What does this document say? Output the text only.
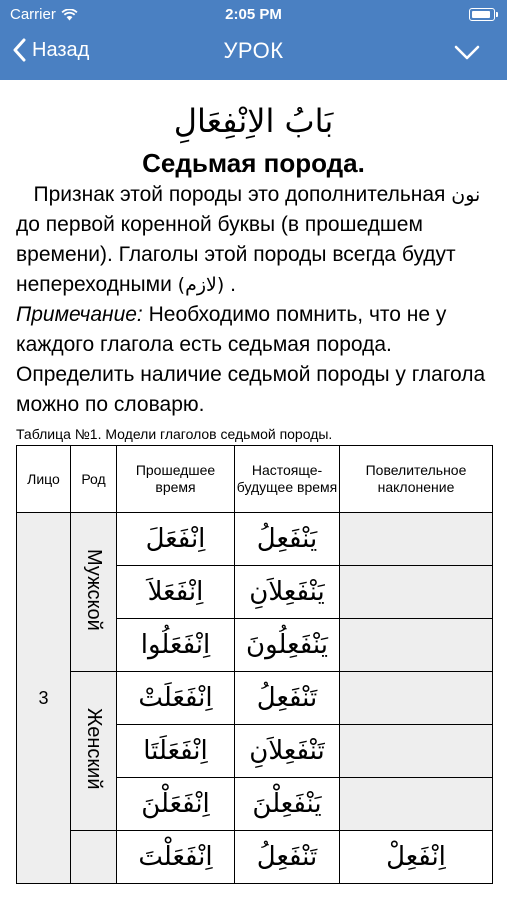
Carrier	2:05 PM
Назад	УРОК
بَابُ الاِنْفِعَالِ
Седьмая порода.

Признак этой породы это дополнительная نون до первой коренной буквы (в прошедшем времени). Глаголы этой породы всегда будут непереходными (لازم) .

Примечание: Необходимо помнить, что не у каждого глагола есть седьмая порода. Определить наличие седьмой породы у глагола можно по словарю.

Таблица №1. Модели глаголов седьмой породы.
Лицо	Род	Прошедшее время	Настояще-будущее время	Повелительное наклонение
3	Мужской	اِنْفَعَلَ	يَنْفَعِلُ	
		اِنْفَعَلاَ	يَنْفَعِلاَنِ	
		اِنْفَعَلُوا	يَنْفَعِلُونَ	
	Женский	اِنْفَعَلَتْ	تَنْفَعِلُ	
		اِنْفَعَلَتَا	تَنْفَعِلاَنِ	
		اِنْفَعَلْنَ	يَنْفَعِلْنَ	
		اِنْفَعَلْتَ	تَنْفَعِلُ	اِنْفَعِلْ
